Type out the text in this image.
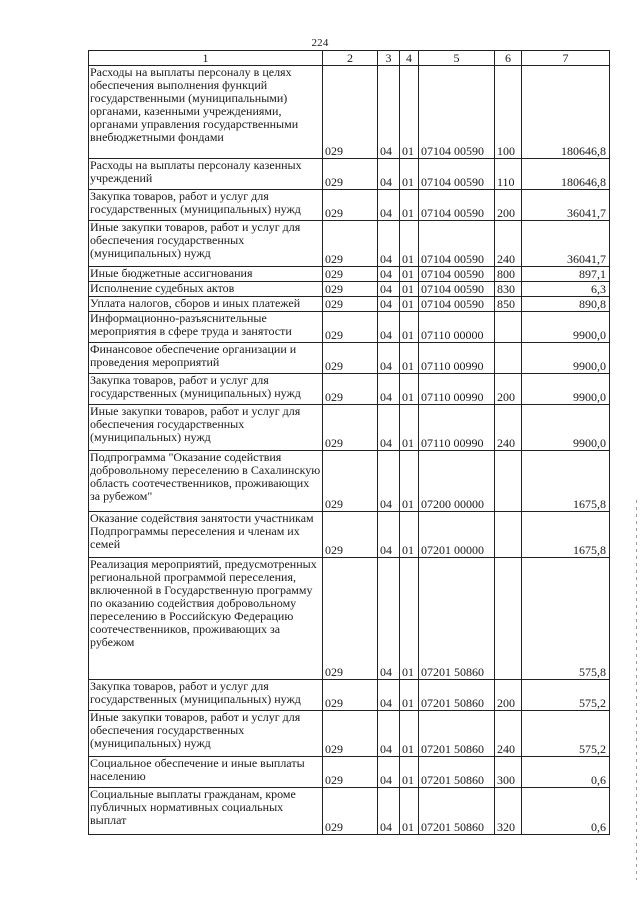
224
1	2	3	4	5	6	7
Расходы на выплаты персоналу в целях обеспечения выполнения функций государственными (муниципальными) органами, казенными учреждениями, органами управления государственными внебюджетными фондами	029	04	01	07104 00590	100	180646,8
Расходы на выплаты персоналу казенных учреждений	029	04	01	07104 00590	110	180646,8
Закупка товаров, работ и услуг для государственных (муниципальных) нужд	029	04	01	07104 00590	200	36041,7
Иные закупки товаров, работ и услуг для обеспечения государственных (муниципальных) нужд	029	04	01	07104 00590	240	36041,7
Иные бюджетные ассигнования	029	04	01	07104 00590	800	897,1
Исполнение судебных актов	029	04	01	07104 00590	830	6,3
Уплата налогов, сборов и иных платежей	029	04	01	07104 00590	850	890,8
Информационно-разъяснительные мероприятия в сфере труда и занятости	029	04	01	07110 00000		9900,0
Финансовое обеспечение организации и проведения мероприятий	029	04	01	07110 00990		9900,0
Закупка товаров, работ и услуг для государственных (муниципальных) нужд	029	04	01	07110 00990	200	9900,0
Иные закупки товаров, работ и услуг для обеспечения государственных (муниципальных) нужд	029	04	01	07110 00990	240	9900,0
Подпрограмма "Оказание содействия добровольному переселению в Сахалинскую область соотечественников, проживающих за рубежом"	029	04	01	07200 00000		1675,8
Оказание содействия занятости участникам Подпрограммы переселения и членам их семей	029	04	01	07201 00000		1675,8
Реализация мероприятий, предусмотренных региональной программой переселения, включенной в Государственную программу по оказанию содействия добровольному переселению в Российскую Федерацию соотечественников, проживающих за рубежом	029	04	01	07201 50860		575,8
Закупка товаров, работ и услуг для государственных (муниципальных) нужд	029	04	01	07201 50860	200	575,2
Иные закупки товаров, работ и услуг для обеспечения государственных (муниципальных) нужд	029	04	01	07201 50860	240	575,2
Социальное обеспечение и иные выплаты населению	029	04	01	07201 50860	300	0,6
Социальные выплаты гражданам, кроме публичных нормативных социальных выплат	029	04	01	07201 50860	320	0,6
